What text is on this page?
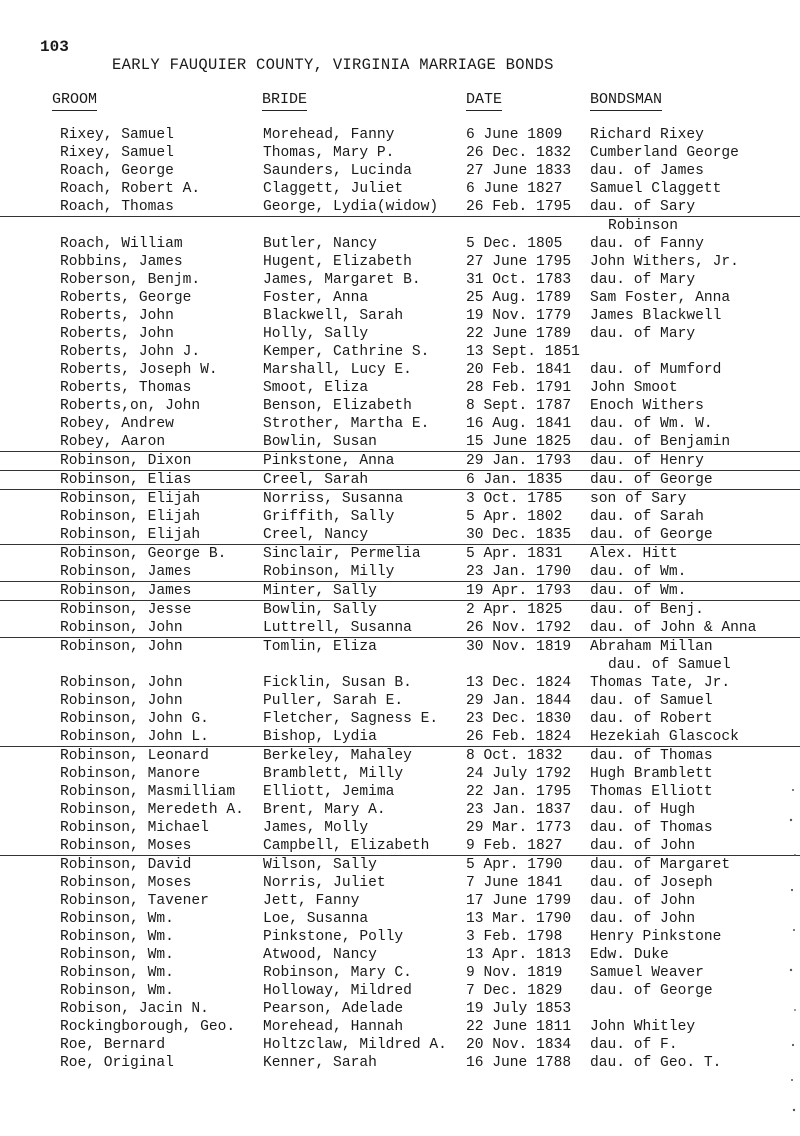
103
EARLY FAUQUIER COUNTY, VIRGINIA MARRIAGE BONDS
GROOM	BRIDE	DATE	BONDSMAN
Rixey, Samuel	Morehead, Fanny	6 June 1809	Richard Rixey
Rixey, Samuel	Thomas, Mary P.	26 Dec. 1832	Cumberland George
Roach, George	Saunders, Lucinda	27 June 1833	dau. of James
Roach, Robert A.	Claggett, Juliet	6 June 1827	Samuel Claggett
Roach, Thomas	George, Lydia(widow)	26 Feb. 1795	dau. of Sary
Robinson
Roach, William	Butler, Nancy	5 Dec. 1805	dau. of Fanny
Robbins, James	Hugent, Elizabeth	27 June 1795	John Withers, Jr.
Roberson, Benjm.	James, Margaret B.	31 Oct. 1783	dau. of Mary
Roberts, George	Foster, Anna	25 Aug. 1789	Sam Foster, Anna
Roberts, John	Blackwell, Sarah	19 Nov. 1779	James Blackwell
Roberts, John	Holly, Sally	22 June 1789	dau. of Mary
Roberts, John J.	Kemper, Cathrine S.	13 Sept. 1851
Roberts, Joseph W.	Marshall, Lucy E.	20 Feb. 1841	dau. of Mumford
Roberts, Thomas	Smoot, Eliza	28 Feb. 1791	John Smoot
Roberts,on, John	Benson, Elizabeth	8 Sept. 1787	Enoch Withers
Robey, Andrew	Strother, Martha E.	16 Aug. 1841	dau. of Wm. W.
Robey, Aaron	Bowlin, Susan	15 June 1825	dau. of Benjamin
Robinson, Dixon	Pinkstone, Anna	29 Jan. 1793	dau. of Henry
Robinson, Elias	Creel, Sarah	6 Jan. 1835	dau. of George
Robinson, Elijah	Norriss, Susanna	3 Oct. 1785	son of Sary
Robinson, Elijah	Griffith, Sally	5 Apr. 1802	dau. of Sarah
Robinson, Elijah	Creel, Nancy	30 Dec. 1835	dau. of George
Robinson, George B.	Sinclair, Permelia	5 Apr. 1831	Alex. Hitt
Robinson, James	Robinson, Milly	23 Jan. 1790	dau. of Wm.
Robinson, James	Minter, Sally	19 Apr. 1793	dau. of Wm.
Robinson, Jesse	Bowlin, Sally	2 Apr. 1825	dau. of Benj.
Robinson, John	Luttrell, Susanna	26 Nov. 1792	dau. of John & Anna
Robinson, John	Tomlin, Eliza	30 Nov. 1819	Abraham Millan
dau. of Samuel
Robinson, John	Ficklin, Susan B.	13 Dec. 1824	Thomas Tate, Jr.
Robinson, John	Puller, Sarah E.	29 Jan. 1844	dau. of Samuel
Robinson, John G.	Fletcher, Sagness E.	23 Dec. 1830	dau. of Robert
Robinson, John L.	Bishop, Lydia	26 Feb. 1824	Hezekiah Glascock
Robinson, Leonard	Berkeley, Mahaley	8 Oct. 1832	dau. of Thomas
Robinson, Manore	Bramblett, Milly	24 July 1792	Hugh Bramblett
Robinson, Masmilliam	Elliott, Jemima	22 Jan. 1795	Thomas Elliott
Robinson, Meredeth A.	Brent, Mary A.	23 Jan. 1837	dau. of Hugh
Robinson, Michael	James, Molly	29 Mar. 1773	dau. of Thomas
Robinson, Moses	Campbell, Elizabeth	9 Feb. 1827	dau. of John
Robinson, David	Wilson, Sally	5 Apr. 1790	dau. of Margaret
Robinson, Moses	Norris, Juliet	7 June 1841	dau. of Joseph
Robinson, Tavener	Jett, Fanny	17 June 1799	dau. of John
Robinson, Wm.	Loe, Susanna	13 Mar. 1790	dau. of John
Robinson, Wm.	Pinkstone, Polly	3 Feb. 1798	Henry Pinkstone
Robinson, Wm.	Atwood, Nancy	13 Apr. 1813	Edw. Duke
Robinson, Wm.	Robinson, Mary C.	9 Nov. 1819	Samuel Weaver
Robinson, Wm.	Holloway, Mildred	7 Dec. 1829	dau. of George
Robison, Jacin N.	Pearson, Adelade	19 July 1853
Rockingborough, Geo.	Morehead, Hannah	22 June 1811	John Whitley
Roe, Bernard	Holtzclaw, Mildred A.	20 Nov. 1834	dau. of F.
Roe, Original	Kenner, Sarah	16 June 1788	dau. of Geo. T.
